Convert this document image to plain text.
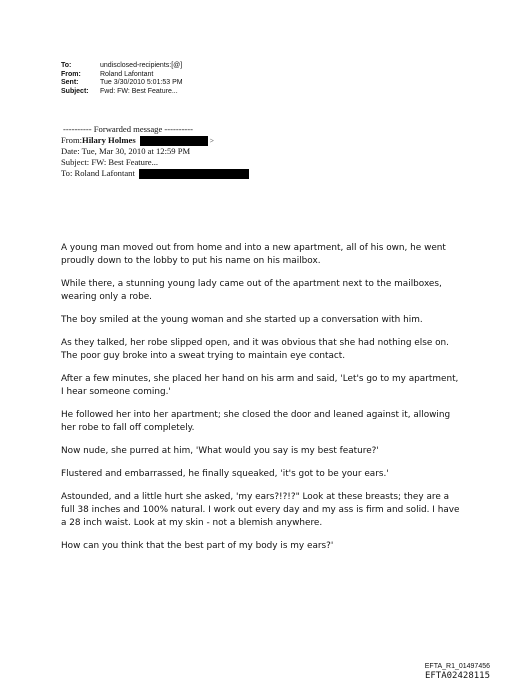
To:	undisclosed-recipients:[@]
From:	Roland Lafontant
Sent:	Tue 3/30/2010 5:01:53 PM
Subject:	Fwd: FW: Best Feature...
---------- Forwarded message ----------
From: Hilary Holmes	>
Date: Tue, Mar 30, 2010 at 12:59 PM
Subject: FW: Best Feature...
To: Roland Lafontant

A young man moved out from home and into a new apartment, all of his own, he went proudly down to the lobby to put his name on his mailbox.

While there, a stunning young lady came out of the apartment next to the mailboxes, wearing only a robe.

The boy smiled at the young woman and she started up a conversation with him.

As they talked, her robe slipped open, and it was obvious that she had nothing else on. The poor guy broke into a sweat trying to maintain eye contact.

After a few minutes, she placed her hand on his arm and said, 'Let's go to my apartment, I hear someone coming.'

He followed her into her apartment; she closed the door and leaned against it, allowing her robe to fall off completely.

Now nude, she purred at him, 'What would you say is my best feature?'

Flustered and embarrassed, he finally squeaked, 'it's got to be your ears.'

Astounded, and a little hurt she asked, 'my ears?!?!?" Look at these breasts; they are a full 38 inches and 100% natural. I work out every day and my ass is firm and solid. I have a 28 inch waist. Look at my skin - not a blemish anywhere.

How can you think that the best part of my body is my ears?'

EFTA_R1_01497456
EFTA02428115
